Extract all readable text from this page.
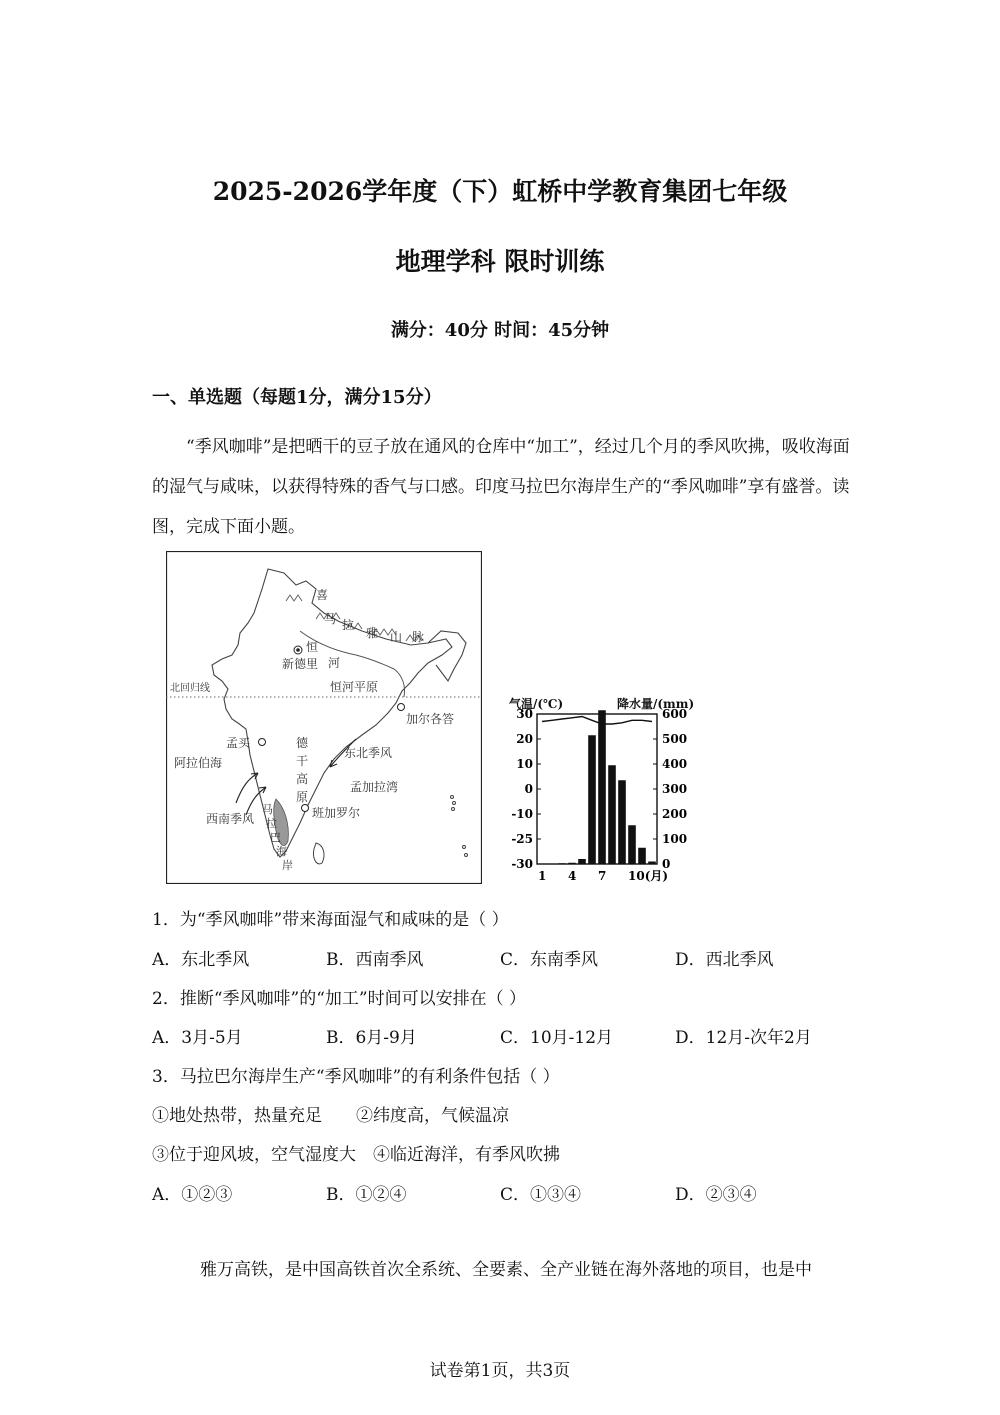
2025-2026学年度（下）虹桥中学教育集团七年级
地理学科 限时训练
满分：40分 时间：45分钟
一、单选题（每题1分，满分15分）
“季风咖啡”是把晒干的豆子放在通风的仓库中“加工”，经过几个月的季风吹拂，吸收海面的湿气与咸味，以获得特殊的香气与口感。印度马拉巴尔海岸生产的“季风咖啡”享有盛誉。读图，完成下面小题。
喜
马 拉
雅 山 脉
恒
河
新德里
北回归线	恒河平原
加尔各答
孟买	德
干
高
原
东北季风
阿拉伯海
孟加拉湾
班加罗尔
西南季风
马
拉
巴
海
岸
气温/(℃)	降水量/(mm)
30
20
10
0
-10
-25
-30
600
500
400
300
200
100
0
1 4 7 10(月)
1．为“季风咖啡”带来海面湿气和咸味的是（ ）
A．东北季风	B．西南季风	C．东南季风	D．西北季风
2．推断“季风咖啡”的“加工”时间可以安排在（ ）
A．3月-5月	B．6月-9月	C．10月-12月	D．12月-次年2月
3．马拉巴尔海岸生产“季风咖啡”的有利条件包括（ ）
①地处热带，热量充足　　②纬度高，气候温凉
③位于迎风坡，空气湿度大　④临近海洋，有季风吹拂
A．①②③	B．①②④	C．①③④	D．②③④
雅万高铁，是中国高铁首次全系统、全要素、全产业链在海外落地的项目，也是中
试卷第1页，共3页
